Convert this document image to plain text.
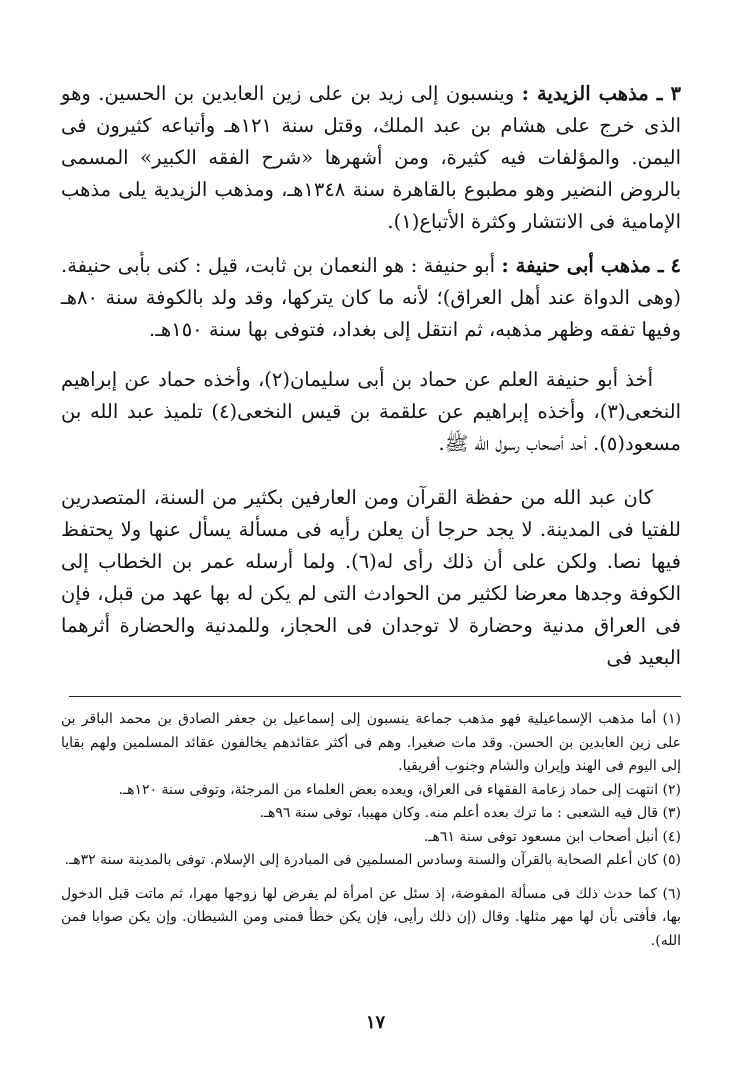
٣ ـ مذهب الزيدية : وينسبون إلى زيد بن على زين العابدين بن الحسين. وهو الذى خرج على هشام بن عبد الملك، وقتل سنة ١٢١هـ وأتباعه كثيرون فى اليمن. والمؤلفات فيه كثيرة، ومن أشهرها «شرح الفقه الكبير» المسمى بالروض النضير وهو مطبوع بالقاهرة سنة ١٣٤٨هـ، ومذهب الزيدية يلى مذهب الإمامية فى الانتشار وكثرة الأتباع(١).

٤ ـ مذهب أبى حنيفة : أبو حنيفة : هو النعمان بن ثابت، قيل : كنى بأبى حنيفة. (وهى الدواة عند أهل العراق)؛ لأنه ما كان يتركها، وقد ولد بالكوفة سنة ٨٠هـ وفيها تفقه وظهر مذهبه، ثم انتقل إلى بغداد، فتوفى بها سنة ١٥٠هـ.

أخذ أبو حنيفة العلم عن حماد بن أبى سليمان(٢)، وأخذه حماد عن إبراهيم النخعى(٣)، وأخذه إبراهيم عن علقمة بن قيس النخعى(٤) تلميذ عبد الله بن مسعود(٥). أحد أصحاب رسول الله ﷺ.

كان عبد الله من حفظة القرآن ومن العارفين بكثير من السنة، المتصدرين للفتيا فى المدينة. لا يجد حرجا أن يعلن رأيه فى مسألة يسأل عنها ولا يحتفظ فيها نصا. ولكن على أن ذلك رأى له(٦). ولما أرسله عمر بن الخطاب إلى الكوفة وجدها معرضا لكثير من الحوادث التى لم يكن له بها عهد من قبل، فإن فى العراق مدنية وحضارة لا توجدان فى الحجاز، وللمدنية والحضارة أثرهما البعيد فى

(١) أما مذهب الإسماعيلية فهو مذهب جماعة ينسبون إلى إسماعيل بن جعفر الصادق بن محمد الباقر بن على زين العابدين بن الحسن. وقد مات صغيرا. وهم فى أكثر عقائدهم يخالفون عقائد المسلمين ولهم بقايا إلى اليوم فى الهند وإيران والشام وجنوب أفريقيا.

(٢) انتهت إلى حماد زعامة الفقهاء فى العراق، ويعده بعض العلماء من المرجئة، وتوفى سنة ١٢٠هـ.

(٣) قال فيه الشعبى : ما ترك بعده أعلم منه. وكان مهيبا، توفى سنة ٩٦هـ.

(٤) أنبل أصحاب ابن مسعود توفى سنة ٦١هـ.

(٥) كان أعلم الصحابة بالقرآن والسنة وسادس المسلمين فى المبادرة إلى الإسلام. توفى بالمدينة سنة ٣٢هـ.

(٦) كما حدث ذلك فى مسألة المفوضة، إذ سئل عن امرأة لم يفرض لها زوجها مهرا، ثم ماتت قبل الدخول بها، فأفتى بأن لها مهر مثلها. وقال (إن ذلك رأيى، فإن يكن خطأ فمنى ومن الشيطان. وإن يكن صوابا فمن الله).

١٧
